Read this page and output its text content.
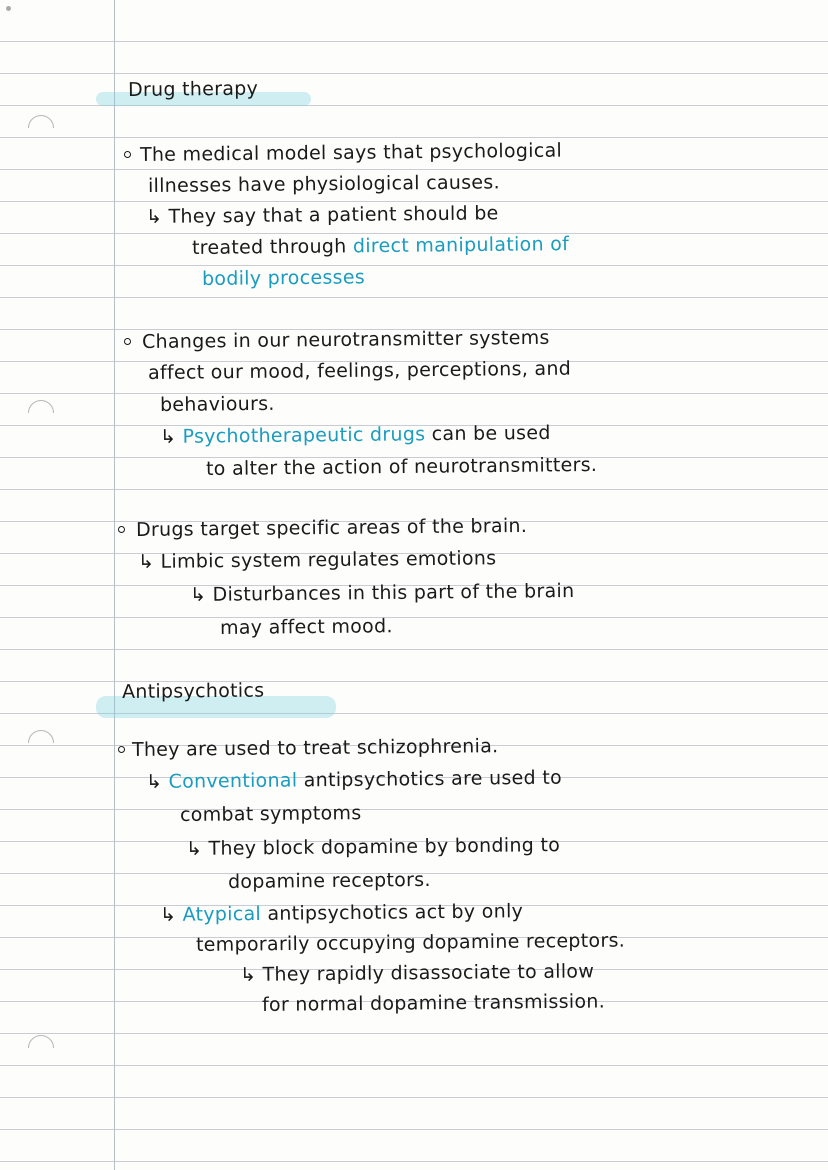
Drug therapy
The medical model says that psychological
illnesses have physiological causes.
↳ They say that a patient should be
treated through direct manipulation of
bodily processes
Changes in our neurotransmitter systems
affect our mood, feelings, perceptions, and
behaviours.
↳ Psychotherapeutic drugs can be used
to alter the action of neurotransmitters.
Drugs target specific areas of the brain.
↳ Limbic system regulates emotions
↳ Disturbances in this part of the brain
may affect mood.
Antipsychotics
They are used to treat schizophrenia.
↳ Conventional antipsychotics are used to
combat symptoms
↳ They block dopamine by bonding to
dopamine receptors.
↳ Atypical antipsychotics act by only
temporarily occupying dopamine receptors.
↳ They rapidly disassociate to allow
for normal dopamine transmission.
